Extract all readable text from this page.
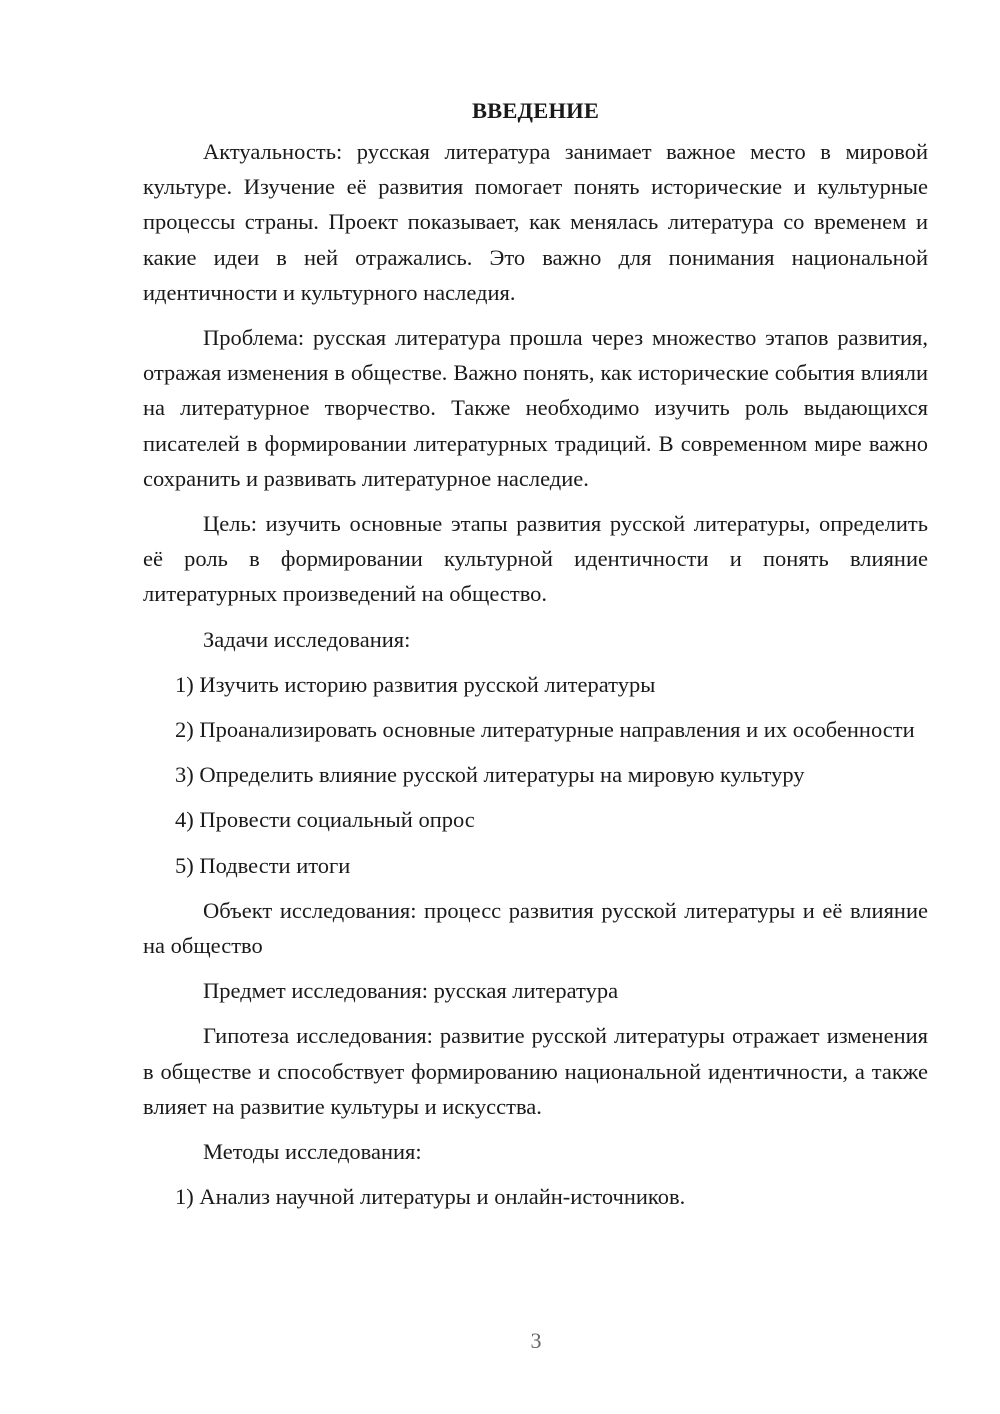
ВВЕДЕНИЕ

Актуальность: русская литература занимает важное место в мировой культуре. Изучение её развития помогает понять исторические и культурные процессы страны. Проект показывает, как менялась литература со временем и какие идеи в ней отражались. Это важно для понимания национальной идентичности и культурного наследия.

Проблема: русская литература прошла через множество этапов развития, отражая изменения в обществе. Важно понять, как исторические события влияли на литературное творчество. Также необходимо изучить роль выдающихся писателей в формировании литературных традиций. В современном мире важно сохранить и развивать литературное наследие.

Цель: изучить основные этапы развития русской литературы, определить её роль в формировании культурной идентичности и понять влияние литературных произведений на общество.

Задачи исследования:

1) Изучить историю развития русской литературы

2) Проанализировать основные литературные направления и их особенности

3) Определить влияние русской литературы на мировую культуру

4) Провести социальный опрос

5) Подвести итоги

Объект исследования: процесс развития русской литературы и её влияние на общество

Предмет исследования: русская литература

Гипотеза исследования: развитие русской литературы отражает изменения в обществе и способствует формированию национальной идентичности, а также влияет на развитие культуры и искусства.

Методы исследования:

1) Анализ научной литературы и онлайн-источников.

3
